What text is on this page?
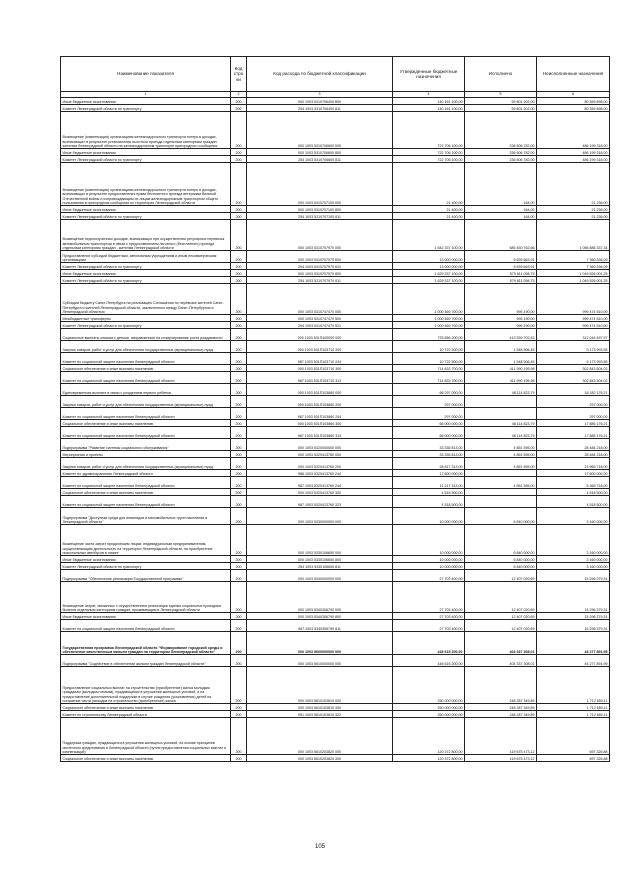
Наименование показателя	Код стро ки	Код расхода по бюджетной классификации	Утвержденные бюджетные назначения	Исполнено	Неисполненные назначения
1	2	3	4	5	6
Иные бюджетные ассигнования	200	000 1003 5310706400 800	140 161 100,00	59 801 202,00	80 359 898,00
Комитет Ленинградской области по транспорту	200	254 1003 5310706400 811	140 161 100,00	59 801 202,00	80 359 898,00
Возмещение (компенсация) организациям железнодорожного транспорта потерь в доходах, возникающих в результате установления льготного проезда отдельным категориям граждан жителям Ленинградской области на железнодорожном транспорте пригородного сообщения	200	000 1003 5310706600 000	722 706 100,00	236 506 782,00	486 199 318,00
Иные бюджетные ассигнования	200	000 1003 5310706600 800	722 706 100,00	236 506 782,00	486 199 318,00
Комитет Ленинградской области по транспорту	200	254 1003 5310706600 811	722 706 100,00	236 506 782,00	486 199 318,00
Возмещение (компенсация) организациям железнодорожного транспорта потерь в доходах, возникающих в результате предоставления права бесплатного проезда ветеранам Великой Отечественной войны и сопровождающим их лицам железнодорожным транспортом общего пользования в пригородном сообщении по территории Ленинградской области	200	000 1003 5310707100 000	21 400,00	164,00	21 236,00
Иные бюджетные ассигнования	200	000 1003 5310707100 800	21 400,00	164,00	21 236,00
Комитет Ленинградской области по транспорту	200	254 1003 5310707100 811	21 400,00	164,00	21 236,00
Возмещение недополученных доходов, возникающих при осуществлении регулярных перевозок автомобильным транспортом в связи с предоставлением льготного (бесплатного) проезда отдельным категориям граждан - жителям Ленинградской области	200	000 1003 5310707970 000	1 642 337 100,00	585 450 762,66	1 056 886 337,34
Предоставление субсидий бюджетным, автономным учреждениям и иным некоммерческим организациям	200	000 1003 5310707970 600	13 000 000,00	5 639 663,91	7 360 336,09
Комитет Ленинградской области по транспорту	200	254 1003 5310707970 631	13 000 000,00	5 639 663,91	7 360 336,09
Иные бюджетные ассигнования	200	000 1003 5310707970 800	1 629 337 100,00	579 811 098,75	1 049 526 001,25
Комитет Ленинградской области по транспорту	200	254 1003 5310707970 811	1 629 337 100,00	579 811 098,75	1 049 526 001,25
Субсидии бюджету Санкт-Петербурга на реализацию Соглашения по перевозке жителей Санкт-Петербурга и жителей Ленинградской области, заключенного между Санкт-Петербургом и Ленинградской областью	200	000 1003 5310747470 000	1 000 469 700,00	995 190,00	999 474 510,00
Межбюджетные трансферты	200	000 1003 5310747470 500	1 000 469 700,00	995 190,00	999 474 510,00
Комитет Ленинградской области по транспорту	200	254 1003 5310747470 521	1 000 469 700,00	995 190,00	999 474 510,00
Социальные выплаты семьям с детьми, направленные на стимулирование роста рождаемости	200	000 1003 531П100000 000	725 556 200,00	413 539 702,43	312 016 497,57
Закупка товаров, работ и услуг для обеспечения государственных (муниципальных) нужд	200	000 1003 531П103710 200	10 722 500,00	1 548 506,45	9 173 993,55
Комитет по социальной защите населения Ленинградской области	200	987 1003 531П103710 244	10 722 500,00	1 548 506,45	9 173 993,55
Социальное обеспечение и иные выплаты населению	200	000 1003 531П103710 300	714 833 700,00	411 990 195,98	302 843 504,02
Комитет по социальной защите населения Ленинградской области	200	987 1003 531П103710 313	714 833 700,00	411 990 195,98	302 843 504,02
Единовременная выплата в связи с рождением первого ребенка	200	000 1003 531П103860 000	66 297 000,00	48 114 823,79	18 182 176,21
Закупка товаров, работ и услуг для обеспечения государственных (муниципальных) нужд	200	000 1003 531П103860 200	297 000,00		297 000,00
Комитет по социальной защите населения Ленинградской области	200	987 1003 531П103860 244	297 000,00		297 000,00
Социальное обеспечение и иные выплаты населению	200	000 1003 531П103860 300	66 000 000,00	48 114 823,79	17 885 176,21
Комитет по социальной защите населения Ленинградской области	200	987 1003 531П103860 313	66 000 000,00	48 114 823,79	17 885 176,21
Подпрограмма "Развитие системы социального обслуживания"	200	000 1003 5320000000 000	33 335 813,00	4 851 595,00	28 484 218,00
Мероприятия и проекты	200	000 1003 5320413760 000	33 335 813,00	4 851 595,00	28 484 218,00
Закупка товаров, работ и услуг для обеспечения государственных (муниципальных) нужд	200	000 1003 5320413760 200	28 817 313,00	4 851 595,00	23 965 718,00
Комитет по здравоохранению Ленинградской области	200	986 1003 5320413760 244	17 600 000,00		17 600 000,00
Комитет по социальной защите населения Ленинградской области	200	987 1003 5320413760 244	11 217 313,00	4 851 595,00	6 365 718,00
Социальное обеспечение и иные выплаты населению	200	000 1003 5320413760 300	4 518 500,00		4 518 500,00
Комитет по социальной защите населения Ленинградской области	200	987 1003 5320413760 323	4 518 500,00		4 518 500,00
Подпрограмма "Доступная среда для инвалидов и маломобильных групп населения в Ленинградской области"	200	000 1003 5330000000 000	10 000 000,00	6 840 000,00	3 160 000,00
Возмещение части затрат юридическим лицам, индивидуальным предпринимателям, осуществляющим деятельность на территории Ленинградской области, на приобретение низкопольных автобусов в лизинг	200	000 1003 5330106650 000	10 000 000,00	6 840 000,00	3 160 000,00
Иные бюджетные ассигнования	200	000 1003 5330106650 800	10 000 000,00	6 840 000,00	3 160 000,00
Комитет Ленинградской области по транспорту	200	254 1003 5330106650 811	10 000 000,00	6 840 000,00	3 160 000,00
Подпрограмма "Обеспечение реализации Государственной программы"	200	000 1003 5340000000 000	27 703 400,00	12 407 020,69	15 296 379,31
Возмещение затрат, связанных с осуществлением реализации единых социальных проездных билетов отдельным категориям граждан, проживающим в Ленинградской области	200	000 1003 5340306790 000	27 703 400,00	12 407 020,69	15 296 379,31
Иные бюджетные ассигнования	200	000 1003 5340306790 800	27 703 400,00	12 407 020,69	15 296 379,31
Комитет по социальной защите населения Ленинградской области	200	987 1003 5340306790 811	27 703 400,00	12 407 020,69	15 296 379,31
Государственная программа Ленинградской области "Формирование городской среды и обеспечение качественным жильем граждан на территории Ленинградской области"	200	000 1003 5600000000 000	448 615 200,00	404 337 308,01	44 277 891,99
Подпрограмма "Содействие в обеспечении жильем граждан Ленинградской области"	200	000 1003 5610000000 000	448 615 200,00	404 337 308,01	44 277 891,99
Предоставление социальных выплат на строительство (приобретение) жилья молодым гражданам (молодым семьям), нуждающимся в улучшении жилищных условий, и на предоставление дополнительной поддержки в случае рождения (усыновления) детей на погашение части расходов на строительство (приобретение) жилья	200	000 1003 5610103810 000	250 000 000,00	248 287 349,89	1 712 650,11
Социальное обеспечение и иные выплаты населению	200	000 1003 5610103810 300	250 000 000,00	248 287 349,89	1 712 650,11
Комитет по строительству Ленинградской области	200	951 1003 5610103810 322	250 000 000,00	248 287 349,89	1 712 650,11
Поддержка граждан, нуждающихся в улучшении жилищных условий, на основе принципов ипотечного кредитования в Ленинградской области (путем предоставления социальных выплат и компенсаций)	200	000 1003 5610203820 000	120 372 800,00	119 675 473,12	697 326,88
Социальное обеспечение и иные выплаты населению	200	000 1003 5610203820 300	120 372 800,00	119 675 473,12	697 326,88
105
